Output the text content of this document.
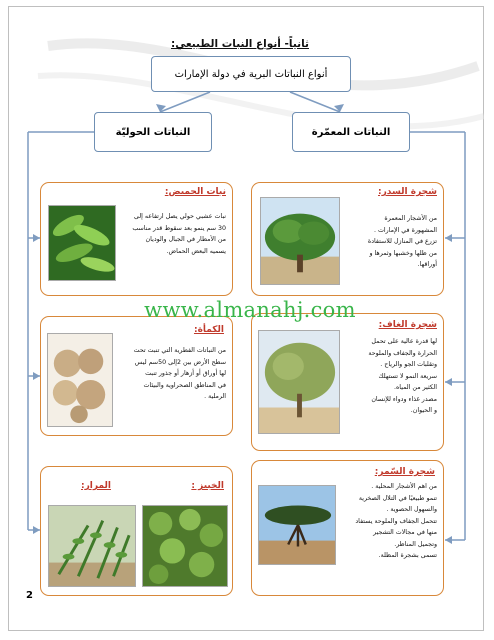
ثانياً- أنواع النبات الطبيعي:
أنواع النباتات البرية في دولة الإمارات
النباتات المعمّرة
النباتات الحوليّة
شجرة السدر:

من الأشجار المعمرة

المشهورة في الإمارات .

تزرع في المنازل للاستفادة

من ظلها وخشبها وثمرها و

أوراقها.

نبات الحميض:

نبات عشبي حولي يصل ارتفاعه إلى

30 سم ينمو بعد سقوط قدر مناسب

من الأمطار في الجبال والوديان

يسميه البعض الحماض.

شجرة الغاف:

لها قدرة عالية على تحمل

الحرارة والجفاف والملوحة

وتقلبات الجو والرياح .

سريعة النمو لا تستهلك

الكثير من المياه.

مصدر غذاء ودواء للإنسان

و الحيوان.

الكمأة:

من النباتات الفطرية التي تنبت تحت

سطح الأرض بين 2إلى 50سم ليس

لها أوراق أو أزهار أو جذور تنبت

في المناطق الصحراوية والبيئات

الرملية .

شجرة السّمر:

من اهم الأشجار المحلية .

تنمو طبيعيًا في التلال الصخرية

والسهول الحصوية .

تتحمل الجفاف والملوحة يستفاد

منها في مجالات التشجير

وتجميل المناظر.

تسمى بشجرة المظلة.

الخبيز :
المرار:
www.almanahj.com
2
